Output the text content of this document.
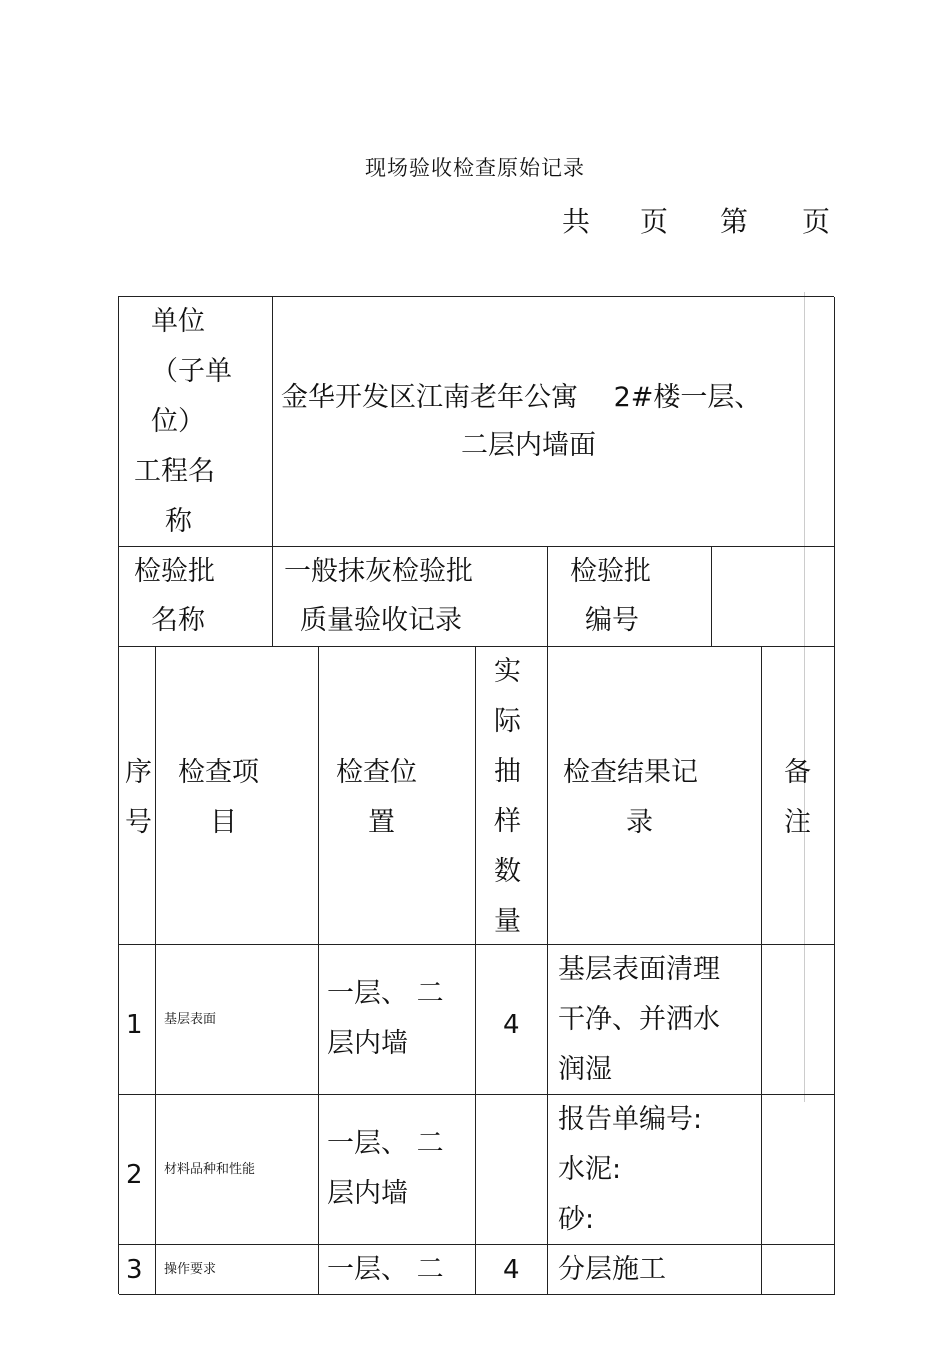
现场验收检查原始记录
共 页 第 页
单位
（子单
位）
工程名
称
金华开发区江南老年公寓　 2#楼一层、
二层内墙面
检验批
名称
一般抹灰检验批
质量验收记录
检验批
编号
序
号
检查项
目
检查位
置
实
际
抽
样
数
量
检查结果记
录
备
注
1 基层表面
一层、 二
层内墙
4
基层表面清理
干净、并洒水
润湿
2 材料品种和性能
一层、 二
层内墙
报告单编号:
水泥:
砂:
3 操作要求	一层、 二 4 分层施工
